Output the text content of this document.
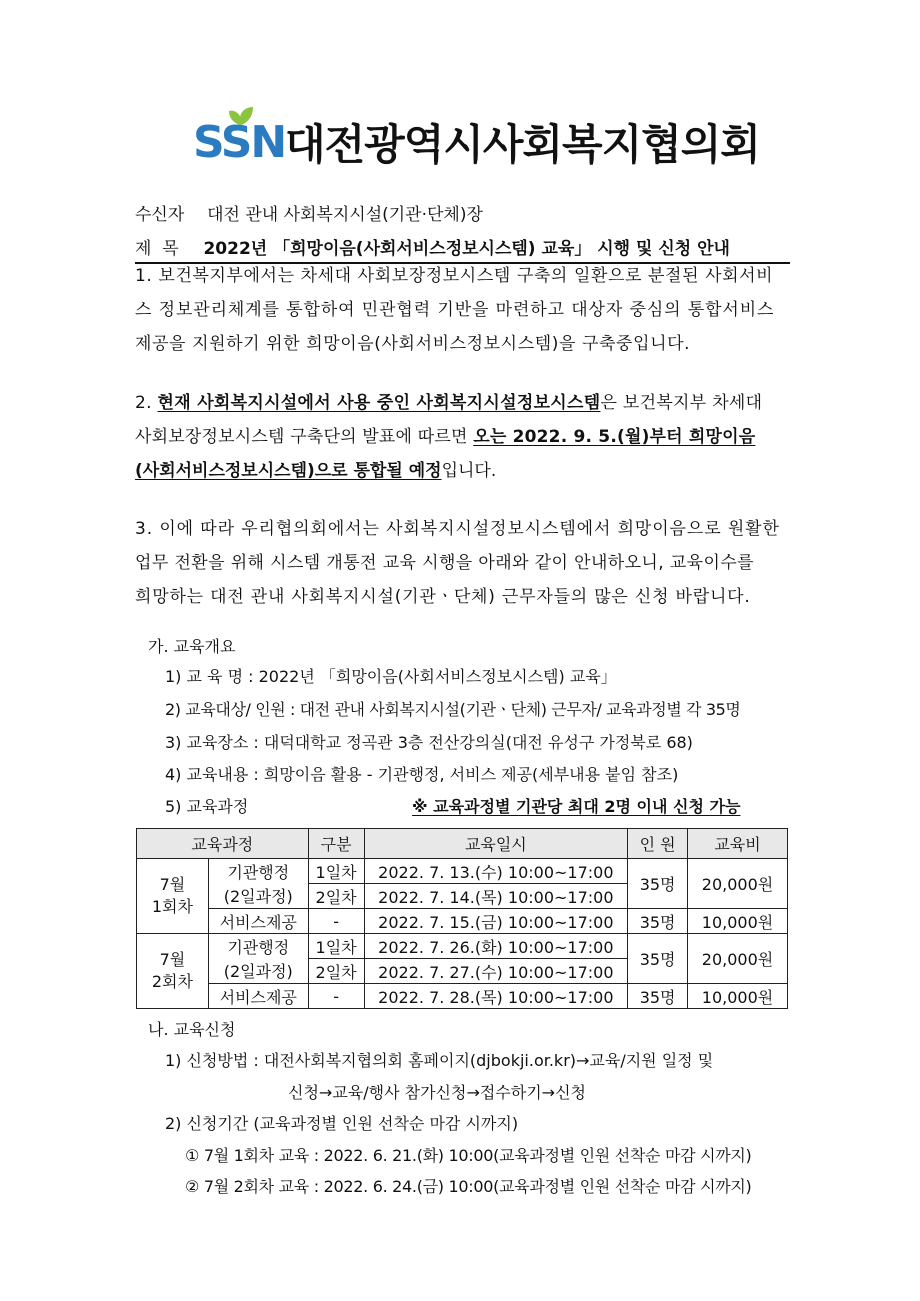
SSN 대전광역시사회복지협의회
수신자 대전 관내 사회복지시설(기관·단체)장
제  목 2022년 「희망이음(사회서비스정보시스템) 교육」 시행 및 신청 안내
1. 보건복지부에서는 차세대 사회보장정보시스템 구축의 일환으로 분절된 사회서비
스 정보관리체계를 통합하여 민관협력 기반을 마련하고 대상자 중심의 통합서비스
제공을 지원하기 위한 희망이음(사회서비스정보시스템)을 구축중입니다.
2. 현재 사회복지시설에서 사용 중인 사회복지시설정보시스템은 보건복지부 차세대
사회보장정보시스템 구축단의 발표에 따르면 오는 2022. 9. 5.(월)부터 희망이음
(사회서비스정보시스템)으로 통합될 예정입니다.
3. 이에 따라 우리협의회에서는 사회복지시설정보시스템에서 희망이음으로 원활한
업무 전환을 위해 시스템 개통전 교육 시행을 아래와 같이 안내하오니, 교육이수를
희망하는 대전 관내 사회복지시설(기관ㆍ단체) 근무자들의 많은 신청 바랍니다.
가. 교육개요
1) 교 육 명 : 2022년 「희망이음(사회서비스정보시스템) 교육」
2) 교육대상/ 인원 : 대전 관내 사회복지시설(기관ㆍ단체) 근무자/ 교육과정별 각 35명
3) 교육장소 : 대덕대학교 정곡관 3층 전산강의실(대전 유성구 가정북로 68)
4) 교육내용 : 희망이음 활용 - 기관행정, 서비스 제공(세부내용 붙임 참조)
5) 교육과정	※ 교육과정별 기관당 최대 2명 이내 신청 가능
교육과정		구분	교육일시	인 원	교육비
7월
1회차	기관행정	1일차	2022. 7. 13.(수) 10:00~17:00	35명	20,000원
	(2일과정)	2일차	2022. 7. 14.(목) 10:00~17:00		
	서비스제공	-	2022. 7. 15.(금) 10:00~17:00	35명	10,000원
7월
2회차	기관행정	1일차	2022. 7. 26.(화) 10:00~17:00	35명	20,000원
	(2일과정)	2일차	2022. 7. 27.(수) 10:00~17:00		
	서비스제공	-	2022. 7. 28.(목) 10:00~17:00	35명	10,000원
나. 교육신청
1) 신청방법 : 대전사회복지협의회 홈페이지(djbokji.or.kr)→교육/지원 일정 및
신청→교육/행사 참가신청→접수하기→신청
2) 신청기간 (교육과정별 인원 선착순 마감 시까지)
① 7월 1회차 교육 : 2022. 6. 21.(화) 10:00(교육과정별 인원 선착순 마감 시까지)
② 7월 2회차 교육 : 2022. 6. 24.(금) 10:00(교육과정별 인원 선착순 마감 시까지)
